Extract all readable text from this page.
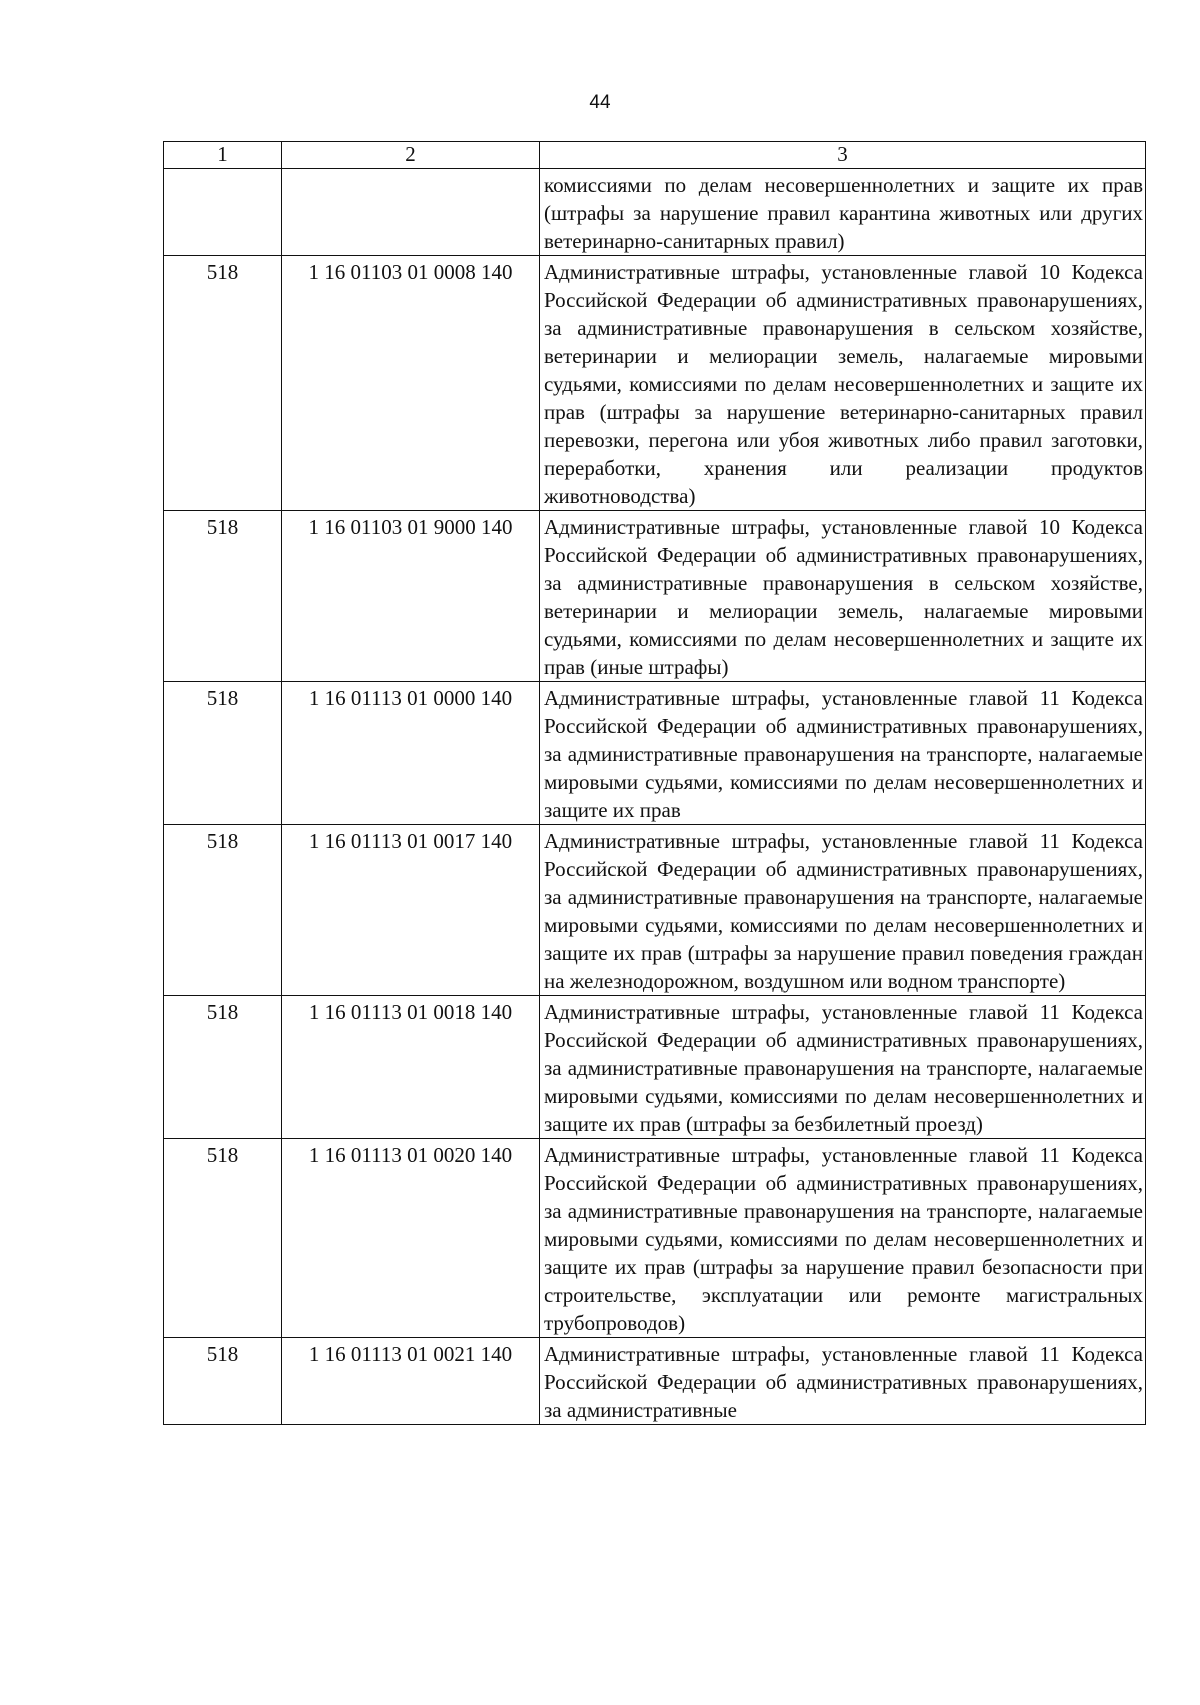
44
1	2	3
		комиссиями по делам несовершеннолетних и защите их прав (штрафы за нарушение правил карантина животных или других ветеринарно-санитарных правил)
518	1 16 01103 01 0008 140	Административные штрафы, установленные главой 10 Кодекса Российской Федерации об административных правонарушениях, за административные правонарушения в сельском хозяйстве, ветеринарии и мелиорации земель, налагаемые мировыми судьями, комиссиями по делам несовершеннолетних и защите их прав (штрафы за нарушение ветеринарно-санитарных правил перевозки, перегона или убоя животных либо правил заготовки, переработки, хранения или реализации продуктов животноводства)
518	1 16 01103 01 9000 140	Административные штрафы, установленные главой 10 Кодекса Российской Федерации об административных правонарушениях, за административные правонарушения в сельском хозяйстве, ветеринарии и мелиорации земель, налагаемые мировыми судьями, комиссиями по делам несовершеннолетних и защите их прав (иные штрафы)
518	1 16 01113 01 0000 140	Административные штрафы, установленные главой 11 Кодекса Российской Федерации об административных правонарушениях, за административные правонарушения на транспорте, налагаемые мировыми судьями, комиссиями по делам несовершеннолетних и защите их прав
518	1 16 01113 01 0017 140	Административные штрафы, установленные главой 11 Кодекса Российской Федерации об административных правонарушениях, за административные правонарушения на транспорте, налагаемые мировыми судьями, комиссиями по делам несовершеннолетних и защите их прав (штрафы за нарушение правил поведения граждан на железнодорожном, воздушном или водном транспорте)
518	1 16 01113 01 0018 140	Административные штрафы, установленные главой 11 Кодекса Российской Федерации об административных правонарушениях, за административные правонарушения на транспорте, налагаемые мировыми судьями, комиссиями по делам несовершеннолетних и защите их прав (штрафы за безбилетный проезд)
518	1 16 01113 01 0020 140	Административные штрафы, установленные главой 11 Кодекса Российской Федерации об административных правонарушениях, за административные правонарушения на транспорте, налагаемые мировыми судьями, комиссиями по делам несовершеннолетних и защите их прав (штрафы за нарушение правил безопасности при строительстве, эксплуатации или ремонте магистральных трубопроводов)
518	1 16 01113 01 0021 140	Административные штрафы, установленные главой 11 Кодекса Российской Федерации об административных правонарушениях, за административные
